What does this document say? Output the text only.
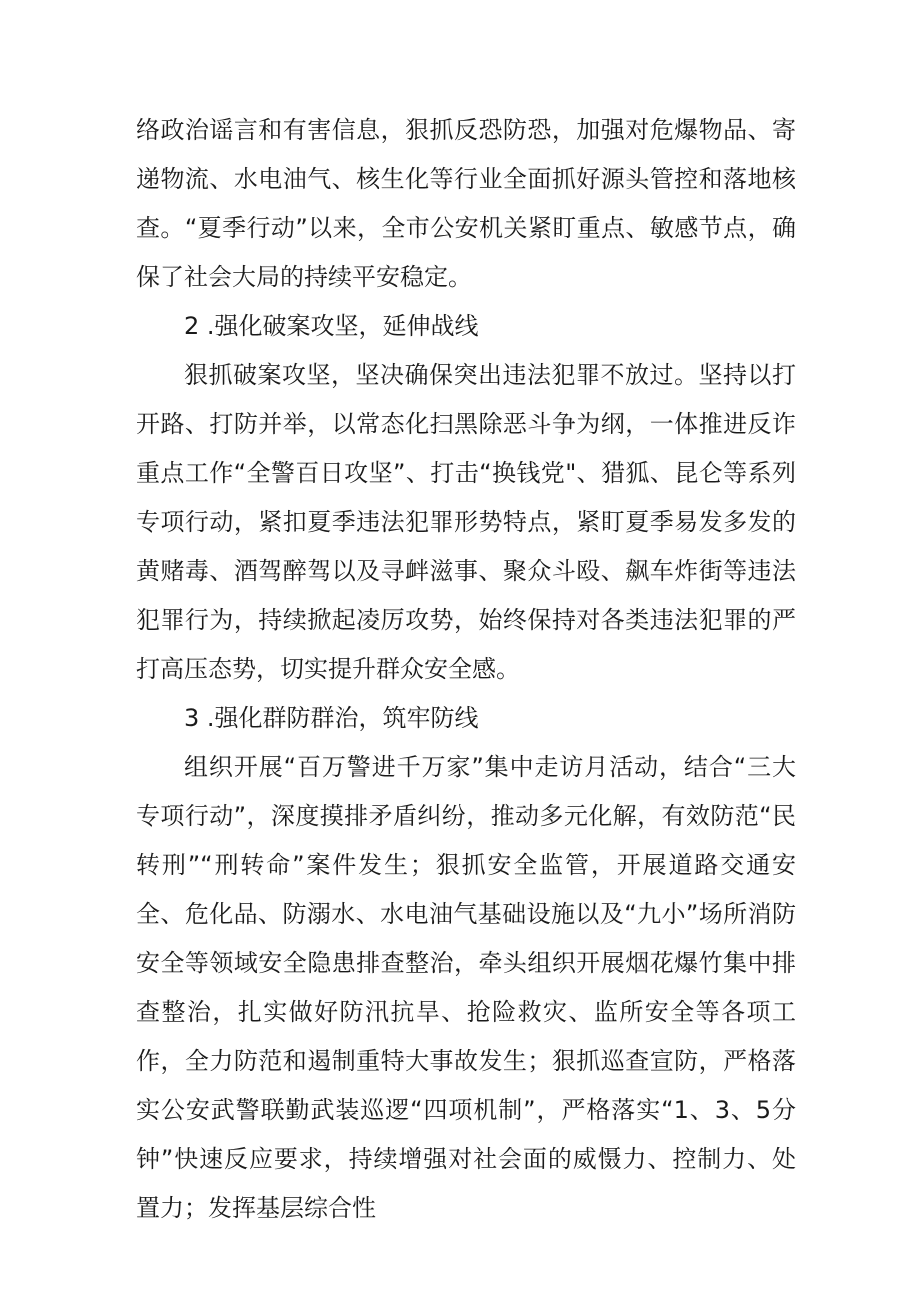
络政治谣言和有害信息，狠抓反恐防恐，加强对危爆物品、寄递物流、水电油气、核生化等行业全面抓好源头管控和落地核查。“夏季行动”以来，全市公安机关紧盯重点、敏感节点，确保了社会大局的持续平安稳定。

2 .强化破案攻坚，延伸战线

狠抓破案攻坚，坚决确保突出违法犯罪不放过。坚持以打开路、打防并举，以常态化扫黑除恶斗争为纲，一体推进反诈重点工作“全警百日攻坚”、打击“换钱党"、猎狐、昆仑等系列专项行动，紧扣夏季违法犯罪形势特点，紧盯夏季易发多发的黄赌毒、酒驾醉驾以及寻衅滋事、聚众斗殴、飙车炸街等违法犯罪行为，持续掀起凌厉攻势，始终保持对各类违法犯罪的严打高压态势，切实提升群众安全感。

3 .强化群防群治，筑牢防线

组织开展“百万警进千万家”集中走访月活动，结合“三大专项行动”，深度摸排矛盾纠纷，推动多元化解，有效防范“民转刑”“刑转命”案件发生；狠抓安全监管，开展道路交通安全、危化品、防溺水、水电油气基础设施以及“九小”场所消防安全等领域安全隐患排查整治，牵头组织开展烟花爆竹集中排查整治，扎实做好防汛抗旱、抢险救灾、监所安全等各项工作，全力防范和遏制重特大事故发生；狠抓巡查宣防，严格落实公安武警联勤武装巡逻“四项机制”，严格落实“1、3、5分钟”快速反应要求，持续增强对社会面的威慑力、控制力、处置力；发挥基层综合性
